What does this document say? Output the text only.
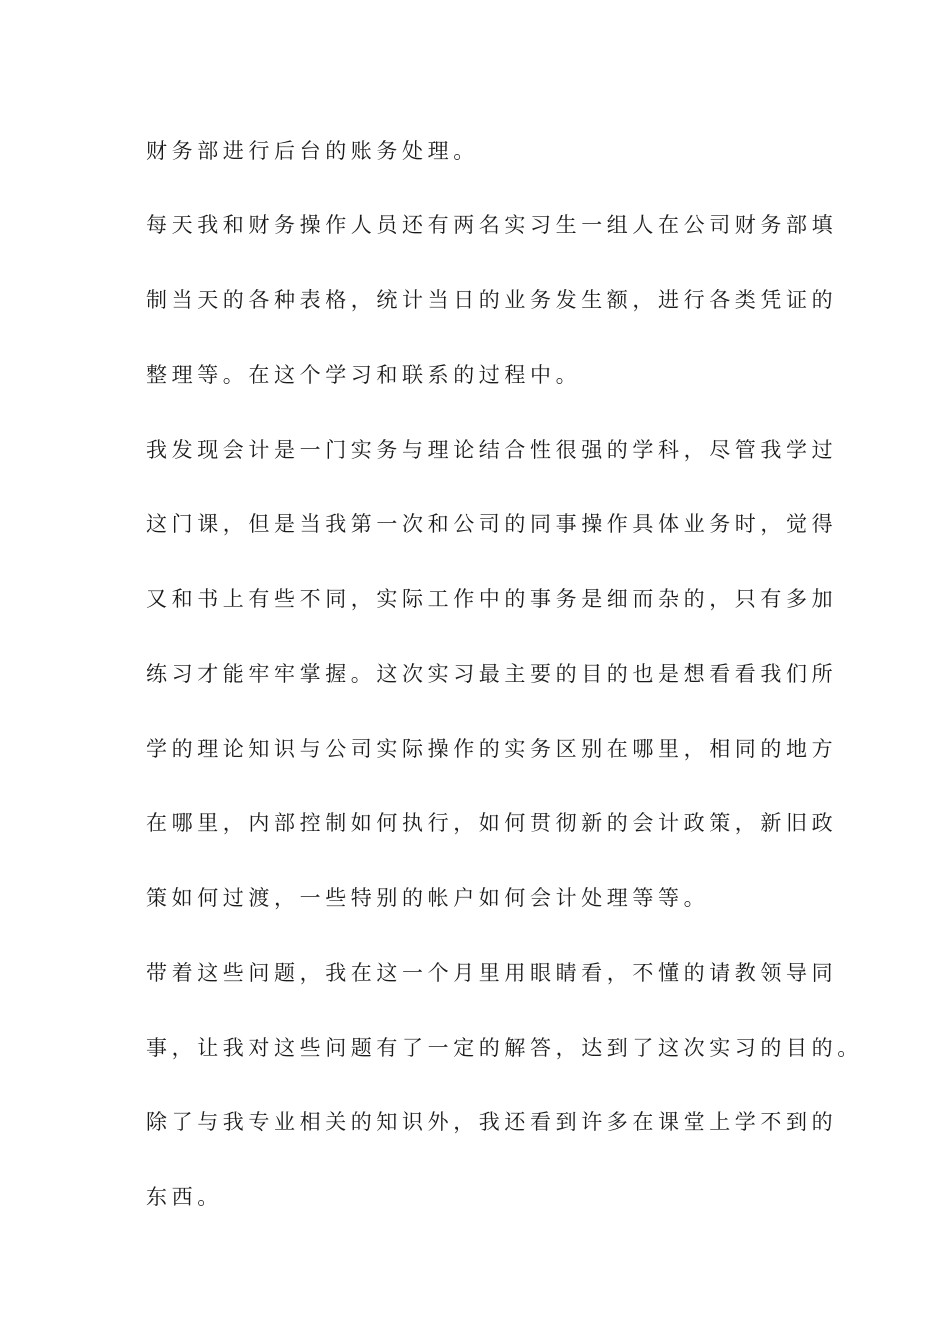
财务部进行后台的账务处理。
每天我和财务操作人员还有两名实习生一组人在公司财务部填
制当天的各种表格，统计当日的业务发生额，进行各类凭证的
整理等。在这个学习和联系的过程中。
我发现会计是一门实务与理论结合性很强的学科，尽管我学过
这门课，但是当我第一次和公司的同事操作具体业务时，觉得
又和书上有些不同，实际工作中的事务是细而杂的，只有多加
练习才能牢牢掌握。这次实习最主要的目的也是想看看我们所
学的理论知识与公司实际操作的实务区别在哪里，相同的地方
在哪里，内部控制如何执行，如何贯彻新的会计政策，新旧政
策如何过渡，一些特别的帐户如何会计处理等等。
带着这些问题，我在这一个月里用眼睛看，不懂的请教领导同
事，让我对这些问题有了一定的解答，达到了这次实习的目的。
除了与我专业相关的知识外，我还看到许多在课堂上学不到的
东西。
